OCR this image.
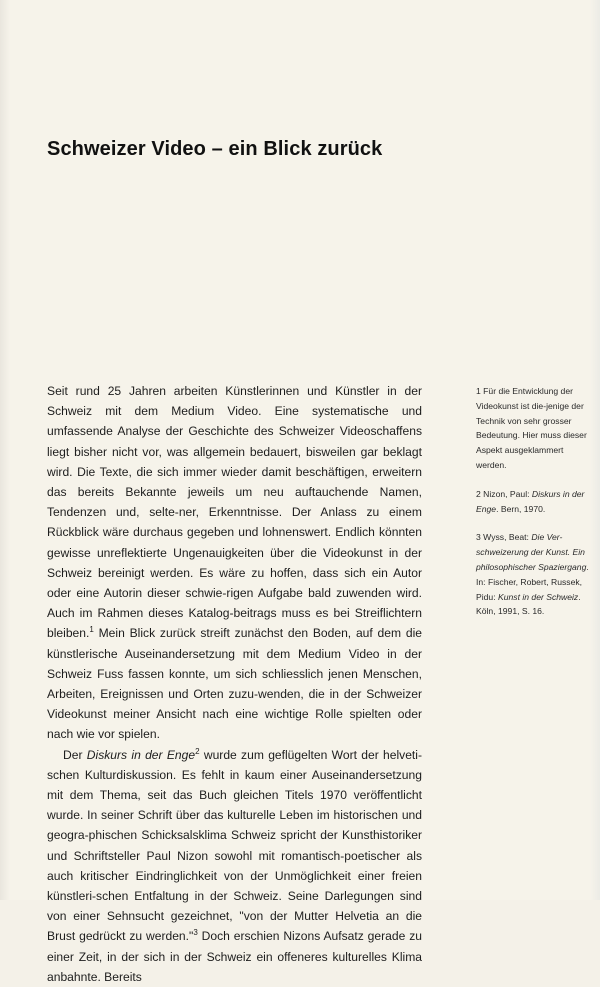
Schweizer Video – ein Blick zurück

Seit rund 25 Jahren arbeiten Künstlerinnen und Künstler in der Schweiz mit dem Medium Video. Eine systematische und umfassende Analyse der Geschichte des Schweizer Videoschaffens liegt bisher nicht vor, was allgemein bedauert, bisweilen gar beklagt wird. Die Texte, die sich immer wieder damit beschäftigen, erweitern das bereits Bekannte jeweils um neu auftauchende Namen, Tendenzen und, selte-ner, Erkenntnisse. Der Anlass zu einem Rückblick wäre durchaus gegeben und lohnenswert. Endlich könnten gewisse unreflektierte Ungenauigkeiten über die Videokunst in der Schweiz bereinigt werden. Es wäre zu hoffen, dass sich ein Autor oder eine Autorin dieser schwie-rigen Aufgabe bald zuwenden wird. Auch im Rahmen dieses Katalog-beitrags muss es bei Streiflichtern bleiben.$^1$ Mein Blick zurück streift zunächst den Boden, auf dem die künstlerische Auseinandersetzung mit dem Medium Video in der Schweiz Fuss fassen konnte, um sich schliesslich jenen Menschen, Arbeiten, Ereignissen und Orten zuzu-wenden, die in der Schweizer Videokunst meiner Ansicht nach eine wichtige Rolle spielten oder nach wie vor spielen.

Der Diskurs in der Enge$^2$ wurde zum geflügelten Wort der helveti-schen Kulturdiskussion. Es fehlt in kaum einer Auseinandersetzung mit dem Thema, seit das Buch gleichen Titels 1970 veröffentlicht wurde. In seiner Schrift über das kulturelle Leben im historischen und geogra-phischen Schicksalsklima Schweiz spricht der Kunsthistoriker und Schriftsteller Paul Nizon sowohl mit romantisch-poetischer als auch kritischer Eindringlichkeit von der Unmöglichkeit einer freien künstleri-schen Entfaltung in der Schweiz. Seine Darlegungen sind von einer Sehnsucht gezeichnet, "von der Mutter Helvetia an die Brust gedrückt zu werden."$^3$ Doch erschien Nizons Aufsatz gerade zu einer Zeit, in der sich in der Schweiz ein offeneres kulturelles Klima anbahnte. Bereits

1 Für die Entwicklung der Videokunst ist die-jenige der Technik von sehr grosser Bedeutung. Hier muss dieser Aspekt ausgeklammert werden.
2 Nizon, Paul: Diskurs in der Enge. Bern, 1970.
3 Wyss, Beat: Die Ver-schweizerung der Kunst. Ein philosophischer Spaziergang. In: Fischer, Robert, Russek, Pidu: Kunst in der Schweiz. Köln, 1991, S. 16.
